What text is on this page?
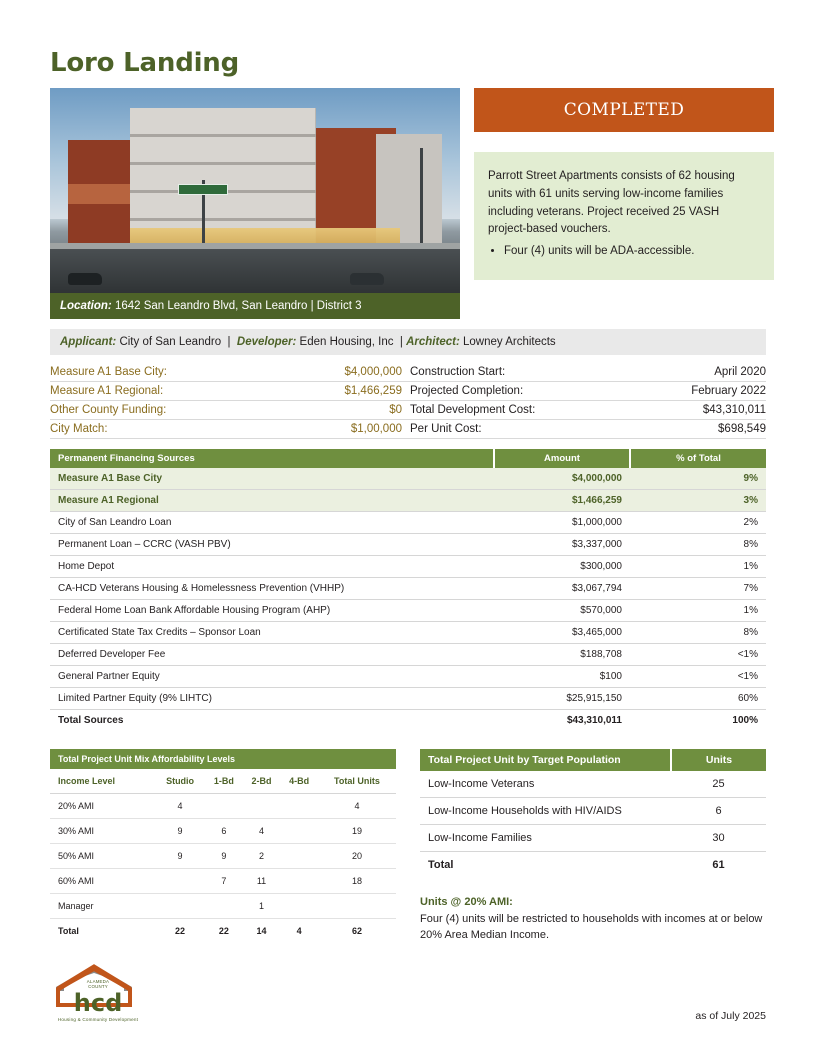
Loro Landing
Location: 1642 San Leandro Blvd, San Leandro | District 3
COMPLETED
Parrott Street Apartments consists of 62 housing units with 61 units serving low-income families including veterans. Project received 25 VASH project-based vouchers.
• Four (4) units will be ADA-accessible.
Applicant: City of San Leandro  |  Developer: Eden Housing, Inc  | Architect: Lowney Architects
Measure A1 Base City:	$4,000,000
Measure A1 Regional:	$1,466,259
Other County Funding:	$0
City Match:	$1,00,000
Construction Start:	April 2020
Projected Completion:	February 2022
Total Development Cost:	$43,310,011
Per Unit Cost:	$698,549
Permanent Financing Sources	Amount	% of Total
Measure A1 Base City	$4,000,000	9%
Measure A1 Regional	$1,466,259	3%
City of San Leandro Loan	$1,000,000	2%
Permanent Loan – CCRC (VASH PBV)	$3,337,000	8%
Home Depot	$300,000	1%
CA-HCD Veterans Housing & Homelessness Prevention (VHHP)	$3,067,794	7%
Federal Home Loan Bank Affordable Housing Program (AHP)	$570,000	1%
Certificated State Tax Credits – Sponsor Loan	$3,465,000	8%
Deferred Developer Fee	$188,708	<1%
General Partner Equity	$100	<1%
Limited Partner Equity (9% LIHTC)	$25,915,150	60%
Total Sources	$43,310,011	100%
Total Project Unit Mix Affordability Levels
Income Level	Studio	1-Bd	2-Bd	4-Bd	Total Units
20% AMI	4				4
30% AMI	9	6	4		19
50% AMI	9	9	2		20
60% AMI		7	11		18
Manager			1		
Total	22	22	14	4	62
Total Project Unit by Target Population	Units
Low-Income Veterans	25
Low-Income Households with HIV/AIDS	6
Low-Income Families	30
Total	61
Units @ 20% AMI:
Four (4) units will be restricted to households with incomes at or below 20% Area Median Income.
ALAMEDA
COUNTY
hcd
Housing & Community Development	as of July 2025
